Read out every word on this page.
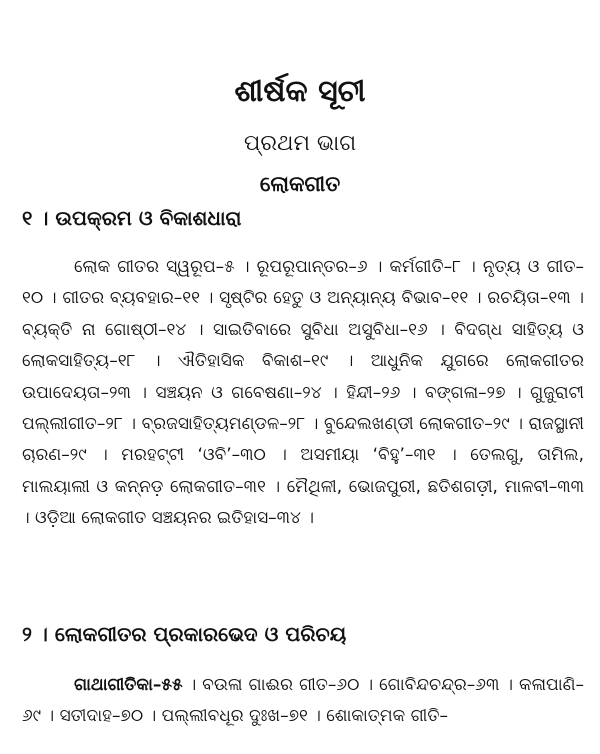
ଶୀର୍ଷକ ସୂଚୀ
ପ୍ରଥମ ଭାଗ
ଲୋକଗୀତ
୧ । ଉପକ୍ରମ ଓ ବିକାଶଧାରା
ଲୋକ ଗୀତର ସ୍ୱରୂପ–୫ । ରୂପରୂପାନ୍ତର–୬ । କର୍ମଗୀତି–୮ । ନୃତ୍ୟ ଓ ଗୀତ–୧୦ । ଗୀତର ବ୍ୟବହାର–୧୧ । ସୃଷ୍ଟିର ହେତୁ ଓ ଅନ୍ୟାନ୍ୟ ବିଭାବ–୧୧ । ରଚୟିତା–୧୩ । ବ୍ୟକ୍ତି ନା ଗୋଷ୍ଠୀ–୧୪ । ସାଇତିବାରେ ସୁବିଧା ଅସୁବିଧା–୧୬ । ବିଦଗ୍ଧ ସାହିତ୍ୟ ଓ ଲୋକସାହିତ୍ୟ–୧୮ । ଐତିହାସିକ ବିକାଶ–୧୯ । ଆଧୁନିକ ଯୁଗରେ ଲୋକଗୀତର ଉପାଦେୟତା–୨୩ । ସଞ୍ଚୟନ ଓ ଗବେଷଣା–୨୪ । ହିନ୍ଦୀ–୨୬ । ବଙ୍ଗଳା–୨୭ । ଗୁଜୁରାଟୀ ପଲ୍ଲୀଗୀତ–୨୮ । ବ୍ରଜସାହିତ୍ୟମଣ୍ଡଳ–୨୮ । ବୁନ୍ଦେଲଖଣ୍ଡୀ ଲୋକଗୀତ–୨୯ । ରାଜସ୍ଥାନୀ ଚାରଣ–୨୯ । ମରହଟ୍ଟୀ ‘ଓବି’–୩୦ । ଅସମୀୟା ‘ବିହୁ’–୩୧ । ତେଲଗୁ, ତାମିଲ, ମାଲୟାଲୀ ଓ କନ୍ନଡ଼ ଲୋକଗୀତ–୩୧ । ମୈଥିଳୀ, ଭୋଜପୁରୀ, ଛତିଶଗଡ଼ୀ, ମାଳବୀ–୩୩ । ଓଡ଼ିଆ ଲୋକଗୀତ ସଞ୍ଚୟନର ଇତିହାସ–୩୪ ।
୨ । ଲୋକଗୀତର ପ୍ରକାରଭେଦ ଓ ପରିଚୟ
ଗାଥାଗୀତିକା–୫୫ । ବଉଳା ଗାଈର ଗୀତ–୬୦ । ଗୋବିନ୍ଦଚନ୍ଦ୍ର–୬୩ । କଳାପାଣି–୬୯ । ସତୀଦାହ–୭୦ । ପଲ୍ଲୀବଧୂର ଦୁଃଖ–୭୧ । ଶୋକାତ୍ମକ ଗୀତି–
